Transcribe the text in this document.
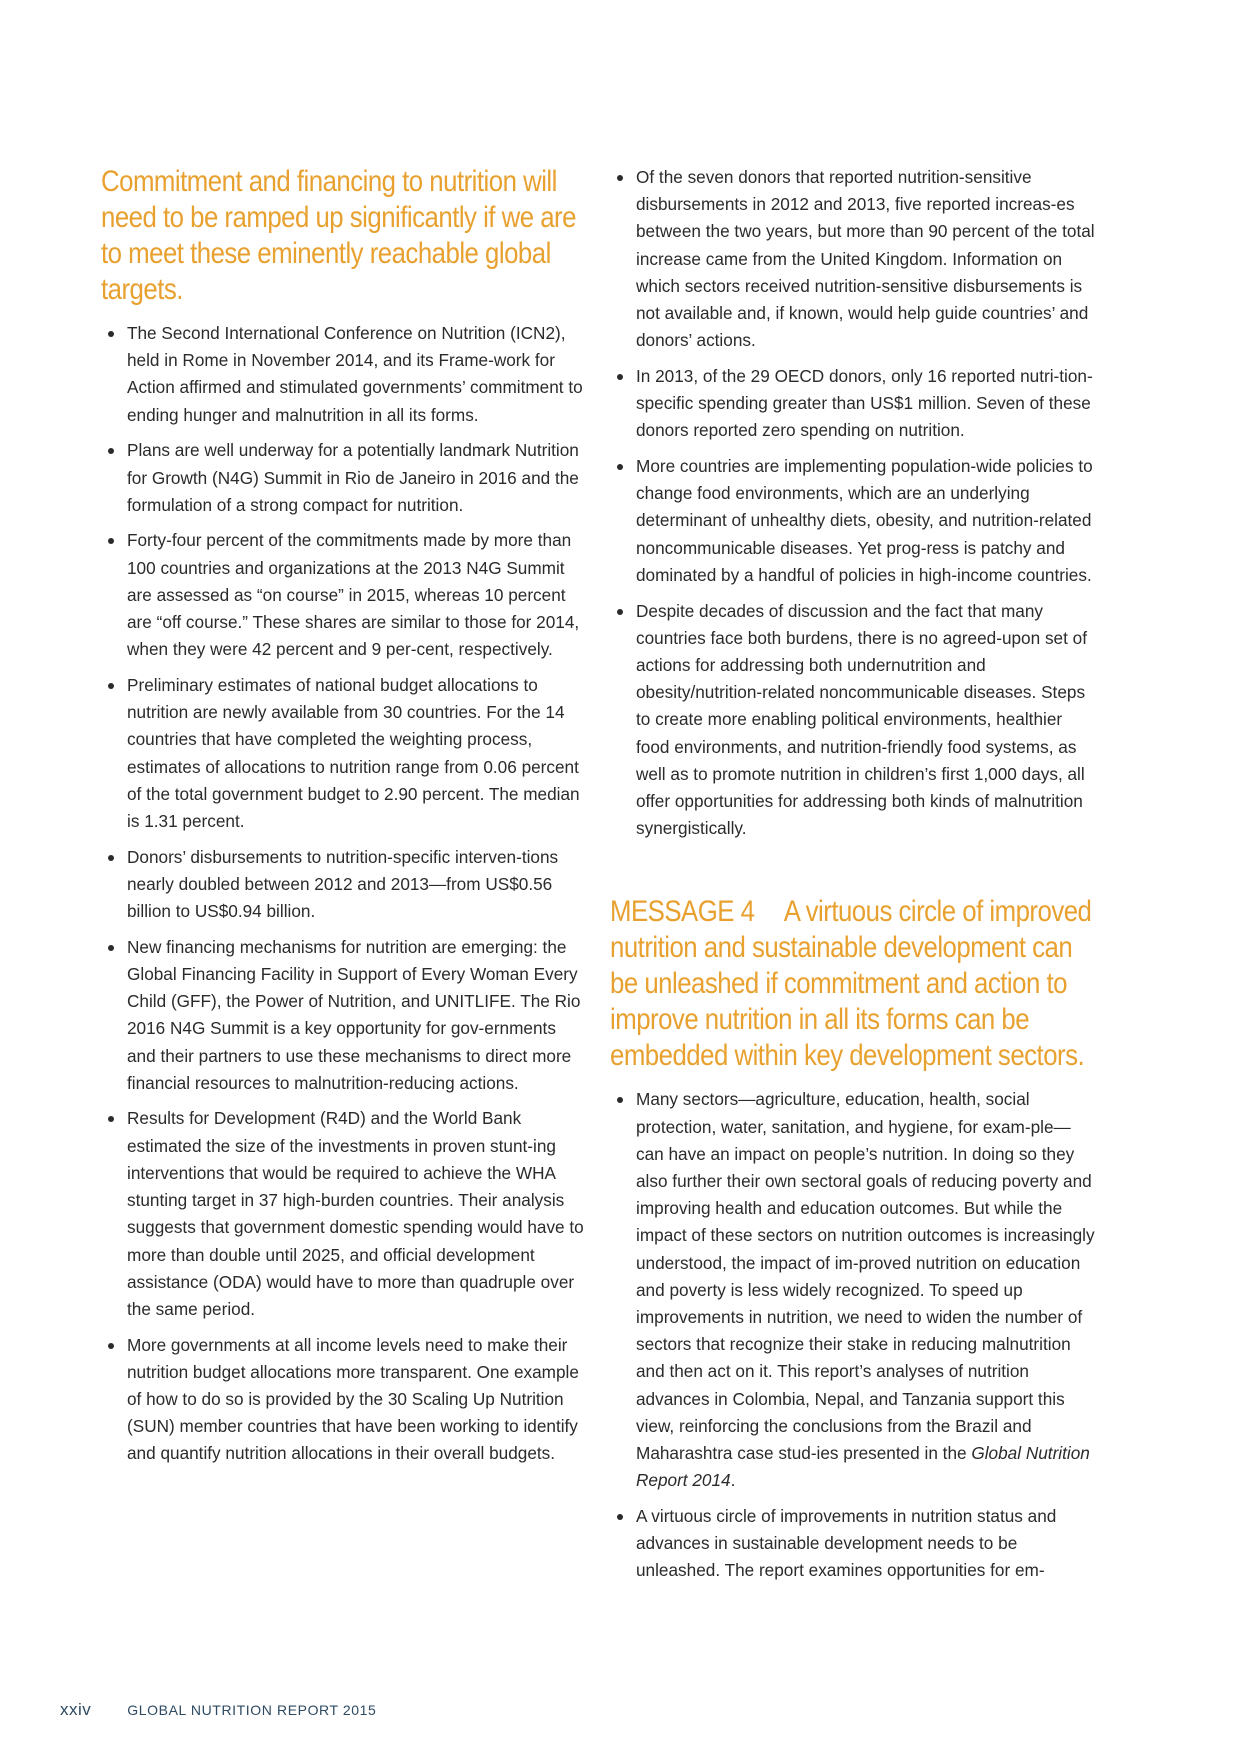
Commitment and financing to nutrition will need to be ramped up significantly if we are to meet these eminently reachable global targets.
The Second International Conference on Nutrition (ICN2), held in Rome in November 2014, and its Frame-work for Action affirmed and stimulated governments’ commitment to ending hunger and malnutrition in all its forms.
Plans are well underway for a potentially landmark Nutrition for Growth (N4G) Summit in Rio de Janeiro in 2016 and the formulation of a strong compact for nutrition.
Forty-four percent of the commitments made by more than 100 countries and organizations at the 2013 N4G Summit are assessed as “on course” in 2015, whereas 10 percent are “off course.” These shares are similar to those for 2014, when they were 42 percent and 9 per-cent, respectively.
Preliminary estimates of national budget allocations to nutrition are newly available from 30 countries. For the 14 countries that have completed the weighting process, estimates of allocations to nutrition range from 0.06 percent of the total government budget to 2.90 percent. The median is 1.31 percent.
Donors’ disbursements to nutrition-specific interven-tions nearly doubled between 2012 and 2013—from US$0.56 billion to US$0.94 billion.
New financing mechanisms for nutrition are emerging: the Global Financing Facility in Support of Every Woman Every Child (GFF), the Power of Nutrition, and UNITLIFE. The Rio 2016 N4G Summit is a key opportunity for gov-ernments and their partners to use these mechanisms to direct more financial resources to malnutrition-reducing actions.
Results for Development (R4D) and the World Bank estimated the size of the investments in proven stunt-ing interventions that would be required to achieve the WHA stunting target in 37 high-burden countries. Their analysis suggests that government domestic spending would have to more than double until 2025, and official development assistance (ODA) would have to more than quadruple over the same period.
More governments at all income levels need to make their nutrition budget allocations more transparent. One example of how to do so is provided by the 30 Scaling Up Nutrition (SUN) member countries that have been working to identify and quantify nutrition allocations in their overall budgets.
Of the seven donors that reported nutrition-sensitive disbursements in 2012 and 2013, five reported increas-es between the two years, but more than 90 percent of the total increase came from the United Kingdom. Information on which sectors received nutrition-sensitive disbursements is not available and, if known, would help guide countries’ and donors’ actions.
In 2013, of the 29 OECD donors, only 16 reported nutri-tion-specific spending greater than US$1 million. Seven of these donors reported zero spending on nutrition.
More countries are implementing population-wide policies to change food environments, which are an underlying determinant of unhealthy diets, obesity, and nutrition-related noncommunicable diseases. Yet prog-ress is patchy and dominated by a handful of policies in high-income countries.
Despite decades of discussion and the fact that many countries face both burdens, there is no agreed-upon set of actions for addressing both undernutrition and obesity/nutrition-related noncommunicable diseases. Steps to create more enabling political environments, healthier food environments, and nutrition-friendly food systems, as well as to promote nutrition in children’s first 1,000 days, all offer opportunities for addressing both kinds of malnutrition synergistically.
MESSAGE 4 A virtuous circle of improved nutrition and sustainable development can be unleashed if commitment and action to improve nutrition in all its forms can be embedded within key development sectors.
Many sectors—agriculture, education, health, social protection, water, sanitation, and hygiene, for exam-ple—can have an impact on people’s nutrition. In doing so they also further their own sectoral goals of reducing poverty and improving health and education outcomes. But while the impact of these sectors on nutrition outcomes is increasingly understood, the impact of im-proved nutrition on education and poverty is less widely recognized. To speed up improvements in nutrition, we need to widen the number of sectors that recognize their stake in reducing malnutrition and then act on it. This report’s analyses of nutrition advances in Colombia, Nepal, and Tanzania support this view, reinforcing the conclusions from the Brazil and Maharashtra case stud-ies presented in the Global Nutrition Report 2014.
A virtuous circle of improvements in nutrition status and advances in sustainable development needs to be unleashed. The report examines opportunities for em-
xxiv	GLOBAL NUTRITION REPORT 2015
